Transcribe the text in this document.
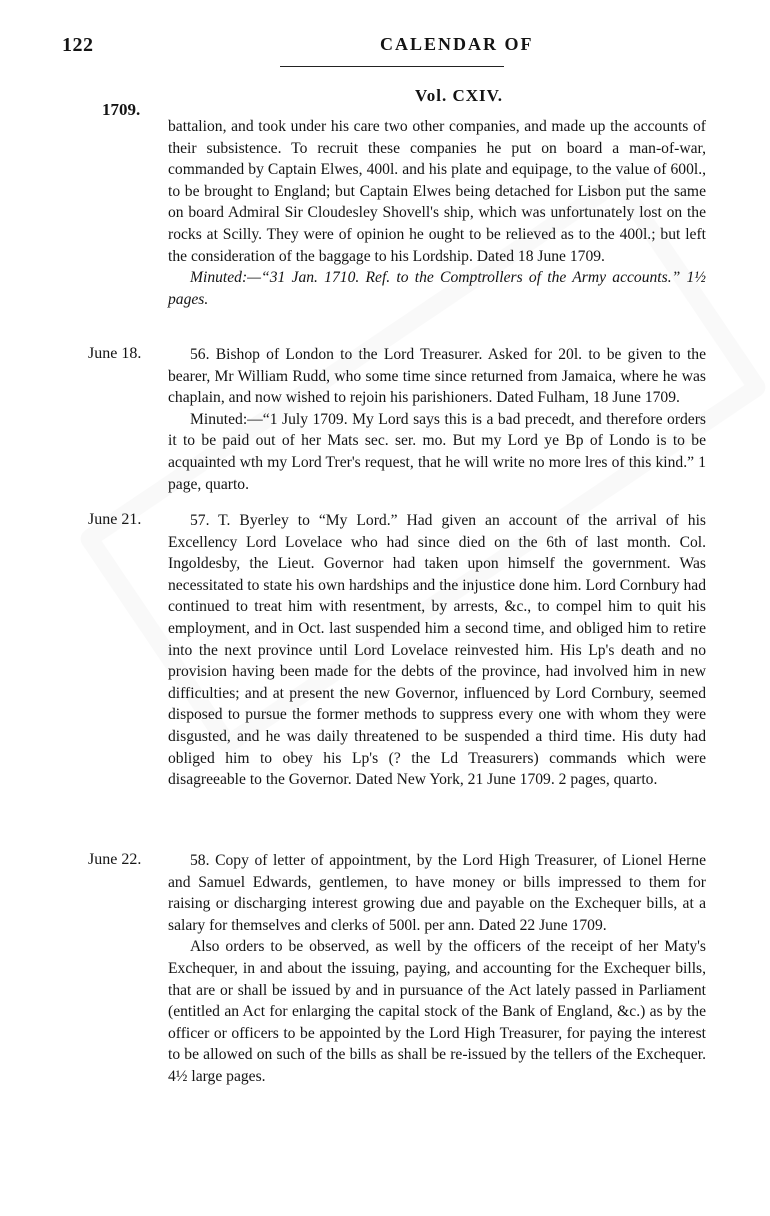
122	CALENDAR OF
Vol. CXIV.
1709.

battalion, and took under his care two other companies, and made up the accounts of their subsistence. To recruit these companies he put on board a man-of-war, commanded by Captain Elwes, 400l. and his plate and equipage, to the value of 600l., to be brought to England; but Captain Elwes being detached for Lisbon put the same on board Admiral Sir Cloudesley Shovell's ship, which was unfortunately lost on the rocks at Scilly. They were of opinion he ought to be relieved as to the 400l.; but left the consideration of the baggage to his Lordship. Dated 18 June 1709.

Minuted:—“31 Jan. 1710. Ref. to the Comptrollers of the Army accounts.” 1½ pages.

June 18.	56. Bishop of London to the Lord Treasurer. Asked for 20l. to be given to the bearer, Mr William Rudd, who some time since returned from Jamaica, where he was chaplain, and now wished to rejoin his parishioners. Dated Fulham, 18 June 1709.

Minuted:—“1 July 1709. My Lord says this is a bad precedt, and therefore orders it to be paid out of her Mats sec. ser. mo. But my Lord ye Bp of Londo is to be acquainted wth my Lord Trer's request, that he will write no more lres of this kind.” 1 page, quarto.

June 21.	57. T. Byerley to “My Lord.” Had given an account of the arrival of his Excellency Lord Lovelace who had since died on the 6th of last month. Col. Ingoldesby, the Lieut. Governor had taken upon himself the government. Was necessitated to state his own hardships and the injustice done him. Lord Cornbury had continued to treat him with resentment, by arrests, &c., to compel him to quit his employment, and in Oct. last suspended him a second time, and obliged him to retire into the next province until Lord Lovelace reinvested him. His Lp's death and no provision having been made for the debts of the province, had involved him in new difficulties; and at present the new Governor, influenced by Lord Cornbury, seemed disposed to pursue the former methods to suppress every one with whom they were disgusted, and he was daily threatened to be suspended a third time. His duty had obliged him to obey his Lp's (? the Ld Treasurers) commands which were disagreeable to the Governor. Dated New York, 21 June 1709. 2 pages, quarto.

June 22.	58. Copy of letter of appointment, by the Lord High Treasurer, of Lionel Herne and Samuel Edwards, gentlemen, to have money or bills impressed to them for raising or discharging interest growing due and payable on the Exchequer bills, at a salary for themselves and clerks of 500l. per ann. Dated 22 June 1709.

Also orders to be observed, as well by the officers of the receipt of her Maty's Exchequer, in and about the issuing, paying, and accounting for the Exchequer bills, that are or shall be issued by and in pursuance of the Act lately passed in Parliament (entitled an Act for enlarging the capital stock of the Bank of England, &c.) as by the officer or officers to be appointed by the Lord High Treasurer, for paying the interest to be allowed on such of the bills as shall be re-issued by the tellers of the Exchequer. 4½ large pages.
